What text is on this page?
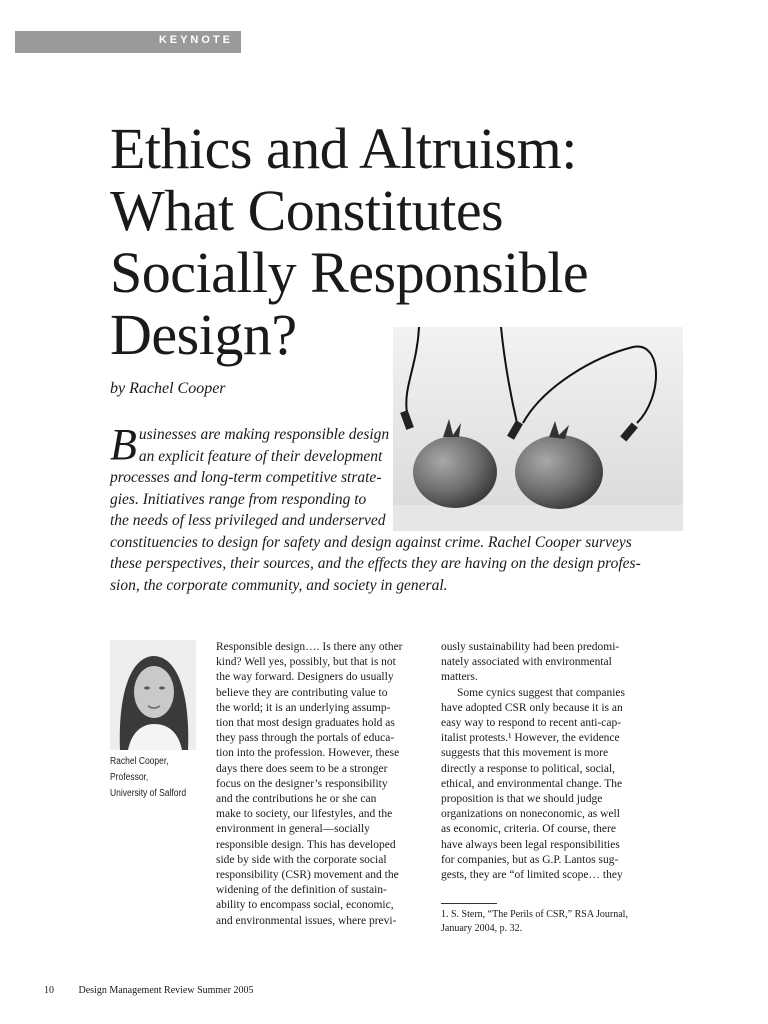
KEYNOTE
Ethics and Altruism:
What Constitutes
Socially Responsible
Design?
by Rachel Cooper
B usinesses are making responsible design
an explicit feature of their development
processes and long-term competitive strate-
gies. Initiatives range from responding to
the needs of less privileged and underserved
constituencies to design for safety and design against crime. Rachel Cooper surveys
these perspectives, their sources, and the effects they are having on the design profes-
sion, the corporate community, and society in general.
Rachel Cooper,
Professor,
University of Salford
Responsible design…. Is there any other
kind? Well yes, possibly, but that is not
the way forward. Designers do usually
believe they are contributing value to
the world; it is an underlying assump-
tion that most design graduates hold as
they pass through the portals of educa-
tion into the profession. However, these
days there does seem to be a stronger
focus on the designer’s responsibility
and the contributions he or she can
make to society, our lifestyles, and the
environment in general—socially
responsible design. This has developed
side by side with the corporate social
responsibility (CSR) movement and the
widening of the definition of sustain-
ability to encompass social, economic,
and environmental issues, where previ-
ously sustainability had been predomi-
nately associated with environmental
matters.
Some cynics suggest that companies
have adopted CSR only because it is an
easy way to respond to recent anti-cap-
italist protests.¹ However, the evidence
suggests that this movement is more
directly a response to political, social,
ethical, and environmental change. The
proposition is that we should judge
organizations on noneconomic, as well
as economic, criteria. Of course, there
have always been legal responsibilities
for companies, but as G.P. Lantos sug-
gests, they are “of limited scope… they
1. S. Stern, “The Perils of CSR,” RSA Journal,
January 2004, p. 32.
10 Design Management Review Summer 2005
